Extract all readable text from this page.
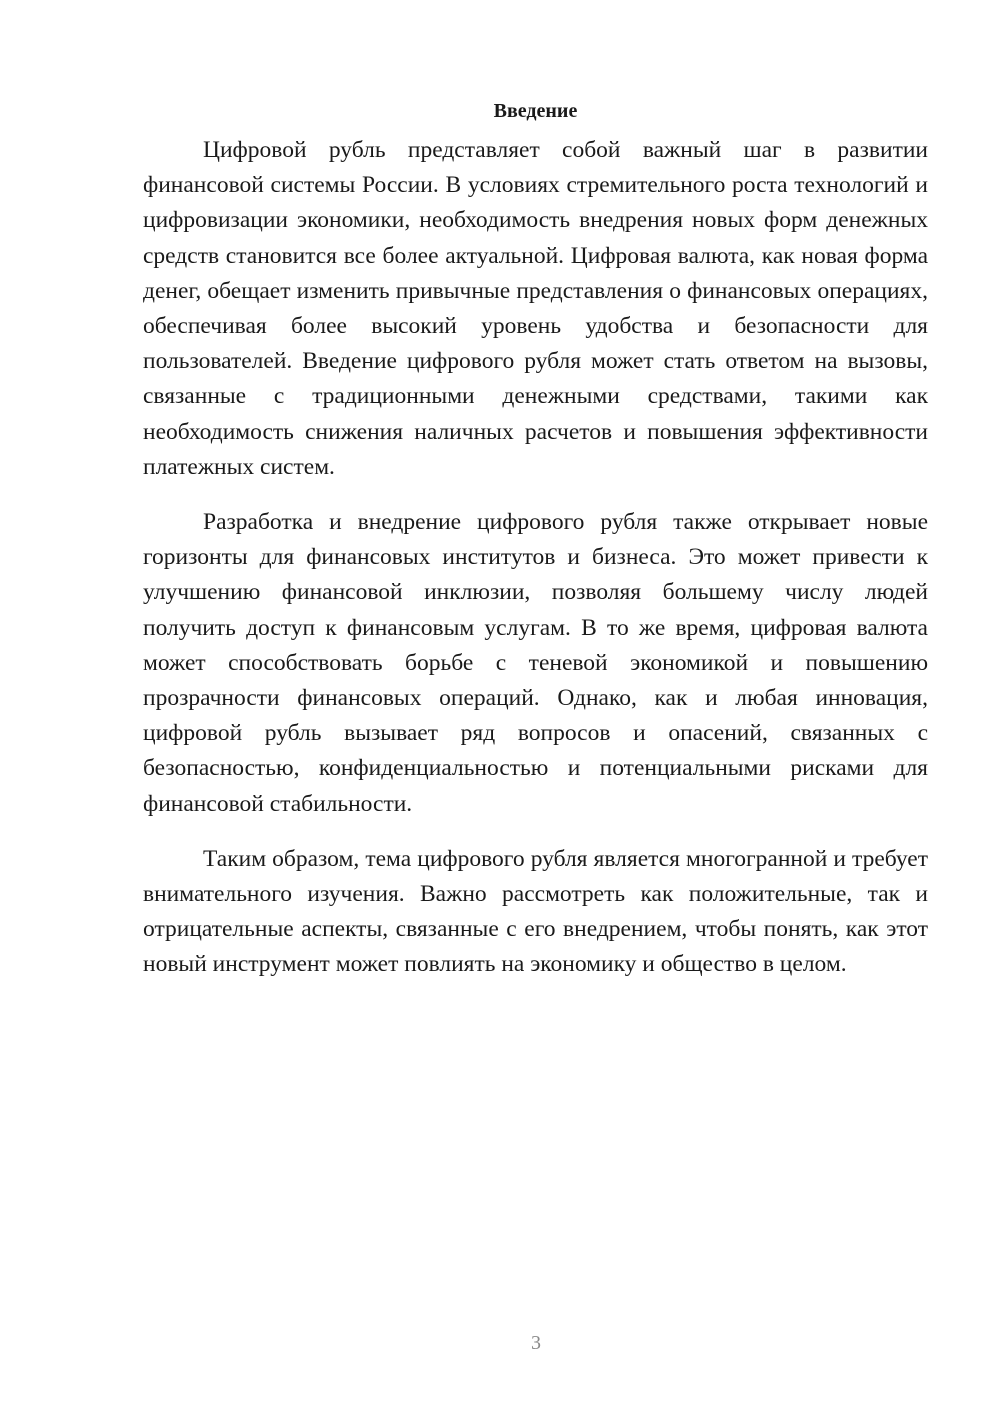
Введение

Цифровой рубль представляет собой важный шаг в развитии финансовой системы России. В условиях стремительного роста технологий и цифровизации экономики, необходимость внедрения новых форм денежных средств становится все более актуальной. Цифровая валюта, как новая форма денег, обещает изменить привычные представления о финансовых операциях, обеспечивая более высокий уровень удобства и безопасности для пользователей. Введение цифрового рубля может стать ответом на вызовы, связанные с традиционными денежными средствами, такими как необходимость снижения наличных расчетов и повышения эффективности платежных систем.

Разработка и внедрение цифрового рубля также открывает новые горизонты для финансовых институтов и бизнеса. Это может привести к улучшению финансовой инклюзии, позволяя большему числу людей получить доступ к финансовым услугам. В то же время, цифровая валюта может способствовать борьбе с теневой экономикой и повышению прозрачности финансовых операций. Однако, как и любая инновация, цифровой рубль вызывает ряд вопросов и опасений, связанных с безопасностью, конфиденциальностью и потенциальными рисками для финансовой стабильности.

Таким образом, тема цифрового рубля является многогранной и требует внимательного изучения. Важно рассмотреть как положительные, так и отрицательные аспекты, связанные с его внедрением, чтобы понять, как этот новый инструмент может повлиять на экономику и общество в целом.

3
